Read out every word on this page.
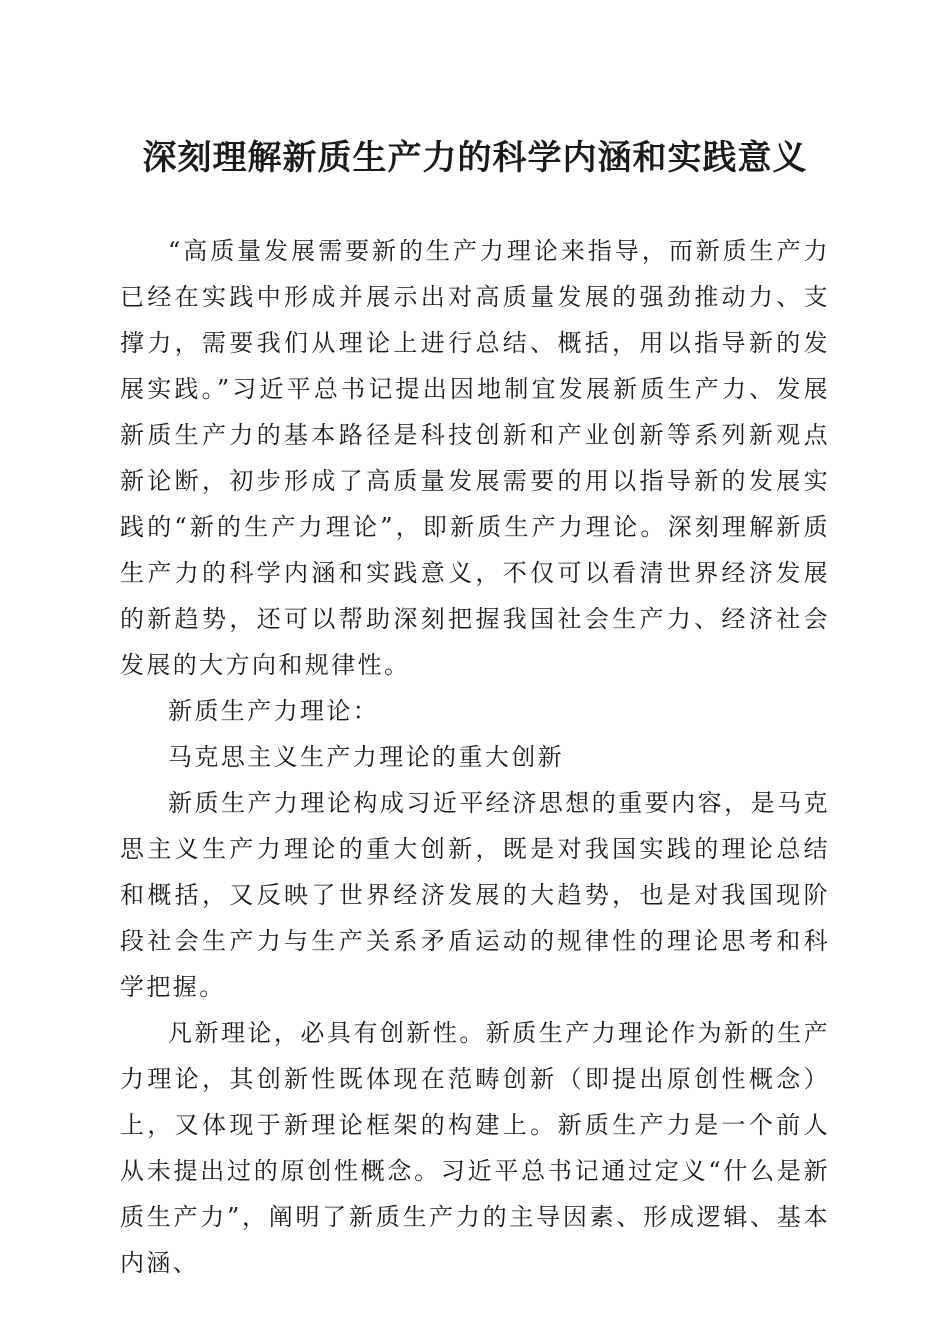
深刻理解新质生产力的科学内涵和实践意义

“高质量发展需要新的生产力理论来指导，而新质生产力已经在实践中形成并展示出对高质量发展的强劲推动力、支撑力，需要我们从理论上进行总结、概括，用以指导新的发展实践。”习近平总书记提出因地制宜发展新质生产力、发展新质生产力的基本路径是科技创新和产业创新等系列新观点新论断，初步形成了高质量发展需要的用以指导新的发展实践的“新的生产力理论”，即新质生产力理论。深刻理解新质生产力的科学内涵和实践意义，不仅可以看清世界经济发展的新趋势，还可以帮助深刻把握我国社会生产力、经济社会发展的大方向和规律性。

新质生产力理论：

马克思主义生产力理论的重大创新

新质生产力理论构成习近平经济思想的重要内容，是马克思主义生产力理论的重大创新，既是对我国实践的理论总结和概括，又反映了世界经济发展的大趋势，也是对我国现阶段社会生产力与生产关系矛盾运动的规律性的理论思考和科学把握。

凡新理论，必具有创新性。新质生产力理论作为新的生产力理论，其创新性既体现在范畴创新（即提出原创性概念）上，又体现于新理论框架的构建上。新质生产力是一个前人从未提出过的原创性概念。习近平总书记通过定义“什么是新质生产力”，阐明了新质生产力的主导因素、形成逻辑、基本内涵、
